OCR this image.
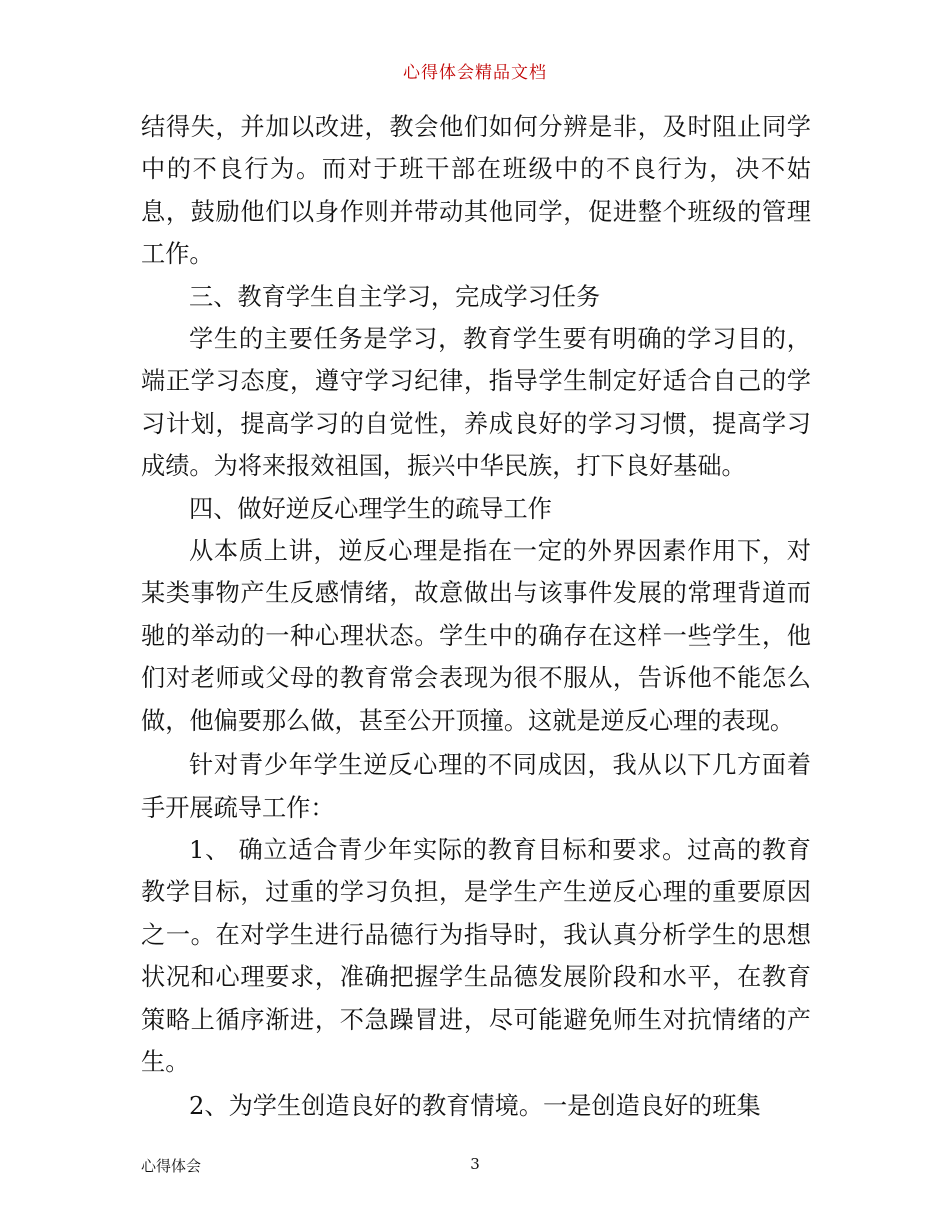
心得体会精品文档

结得失，并加以改进，教会他们如何分辨是非，及时阻止同学中的不良行为。而对于班干部在班级中的不良行为，决不姑息，鼓励他们以身作则并带动其他同学，促进整个班级的管理工作。

三、教育学生自主学习，完成学习任务

学生的主要任务是学习，教育学生要有明确的学习目的，端正学习态度，遵守学习纪律，指导学生制定好适合自己的学习计划，提高学习的自觉性，养成良好的学习习惯，提高学习成绩。为将来报效祖国，振兴中华民族，打下良好基础。

四、做好逆反心理学生的疏导工作

从本质上讲，逆反心理是指在一定的外界因素作用下，对某类事物产生反感情绪，故意做出与该事件发展的常理背道而驰的举动的一种心理状态。学生中的确存在这样一些学生，他们对老师或父母的教育常会表现为很不服从，告诉他不能怎么做，他偏要那么做，甚至公开顶撞。这就是逆反心理的表现。

针对青少年学生逆反心理的不同成因，我从以下几方面着手开展疏导工作：

1、 确立适合青少年实际的教育目标和要求。过高的教育教学目标，过重的学习负担，是学生产生逆反心理的重要原因之一。在对学生进行品德行为指导时，我认真分析学生的思想状况和心理要求，准确把握学生品德发展阶段和水平，在教育策略上循序渐进，不急躁冒进，尽可能避免师生对抗情绪的产生。

2、为学生创造良好的教育情境。一是创造良好的班集

心得体会	3
